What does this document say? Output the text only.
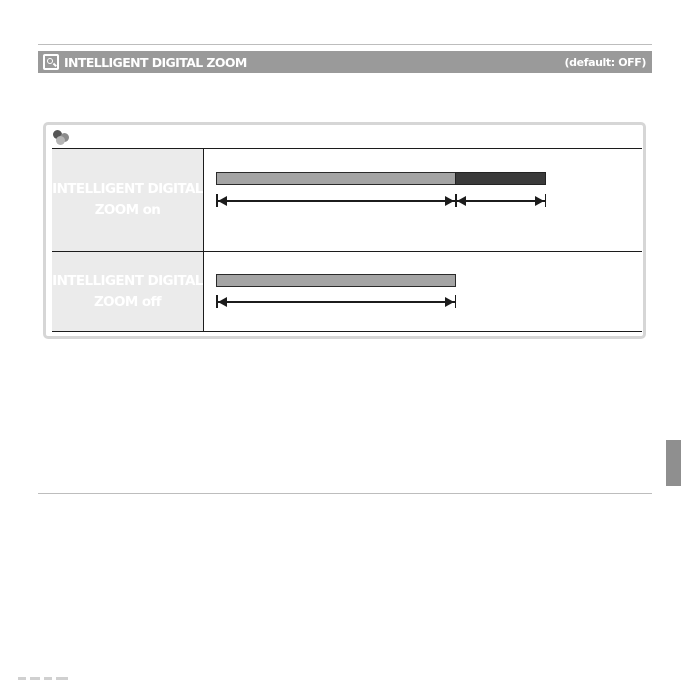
INTELLIGENT DIGITAL ZOOM	(default: OFF)
INTELLIGENT DIGITAL
ZOOM on
INTELLIGENT DIGITAL
ZOOM off
